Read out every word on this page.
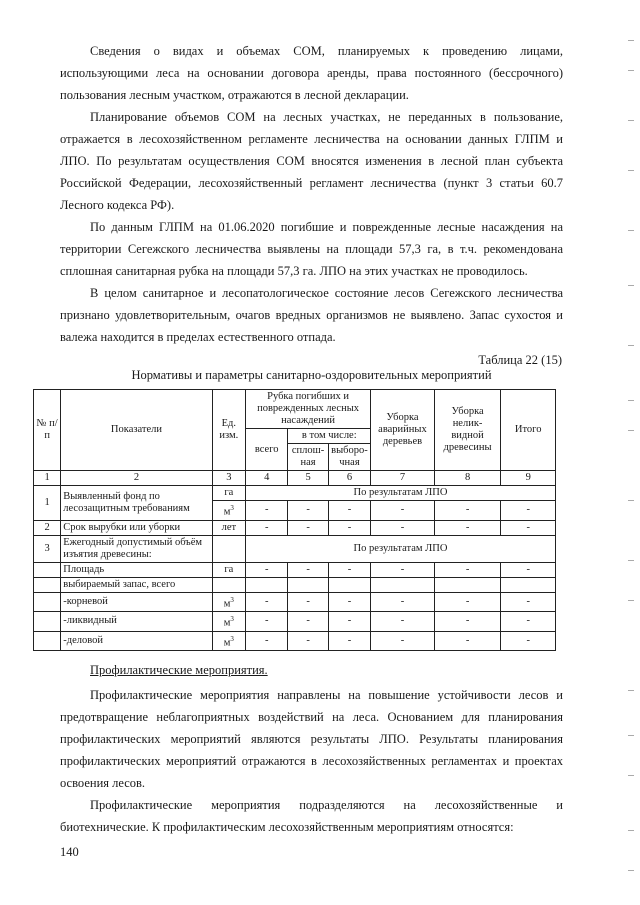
Сведения о видах и объемах СОМ, планируемых к проведению лицами, использующими леса на основании договора аренды, права постоянного (бессрочного) пользования лесным участком, отражаются в лесной декларации.

Планирование объемов СОМ на лесных участках, не переданных в пользование, отражается в лесохозяйственном регламенте лесничества на основании данных ГЛПМ и ЛПО. По результатам осуществления СОМ вносятся изменения в лесной план субъекта Российской Федерации, лесохозяйственный регламент лесничества (пункт 3 статьи 60.7 Лесного кодекса РФ).

По данным ГЛПМ на 01.06.2020 погибшие и поврежденные лесные насаждения на территории Сегежского лесничества выявлены на площади 57,3 га, в т.ч. рекомендована сплошная санитарная рубка на площади 57,3 га. ЛПО на этих участках не проводилось.

В целом санитарное и лесопатологическое состояние лесов Сегежского лесничества признано удовлетворительным, очагов вредных организмов не выявлено. Запас сухостоя и валежа находится в пределах естественного отпада.

Таблица 22 (15)
Нормативы и параметры санитарно-оздоровительных мероприятий
№ п/п	Показатели	Ед. изм.	Рубка погибших и поврежденных лесных насаждений			Уборка аварийных деревьев	Уборка нелик-видной древесины	Итого
			всего	в том числе:				
				сплош-ная	выборо-чная			
1	2	3	4	5	6	7	8	9
1	Выявленный фонд по лесозащитным требованиям	га	По результатам ЛПО					
		$м^3$	-	-	-	-	-	-
2	Срок вырубки или уборки	лет	-	-	-	-	-	-
3	Ежегодный допустимый объём изъятия древесины:		По результатам ЛПО					
	Площадь	га	-	-	-	-	-	-
	выбираемый запас, всего							
	-корневой	$м^3$	-	-	-	-	-	-
	-ликвидный	$м^3$	-	-	-	-	-	-
	-деловой	$м^3$	-	-	-	-	-	-
Профилактические мероприятия.

Профилактические мероприятия направлены на повышение устойчивости лесов и предотвращение неблагоприятных воздействий на леса. Основанием для планирования профилактических мероприятий являются результаты ЛПО. Результаты планирования профилактических мероприятий отражаются в лесохозяйственных регламентах и проектах освоения лесов.

Профилактические мероприятия подразделяются на лесохозяйственные и биотехнические. К профилактическим лесохозяйственным мероприятиям относятся:

140
